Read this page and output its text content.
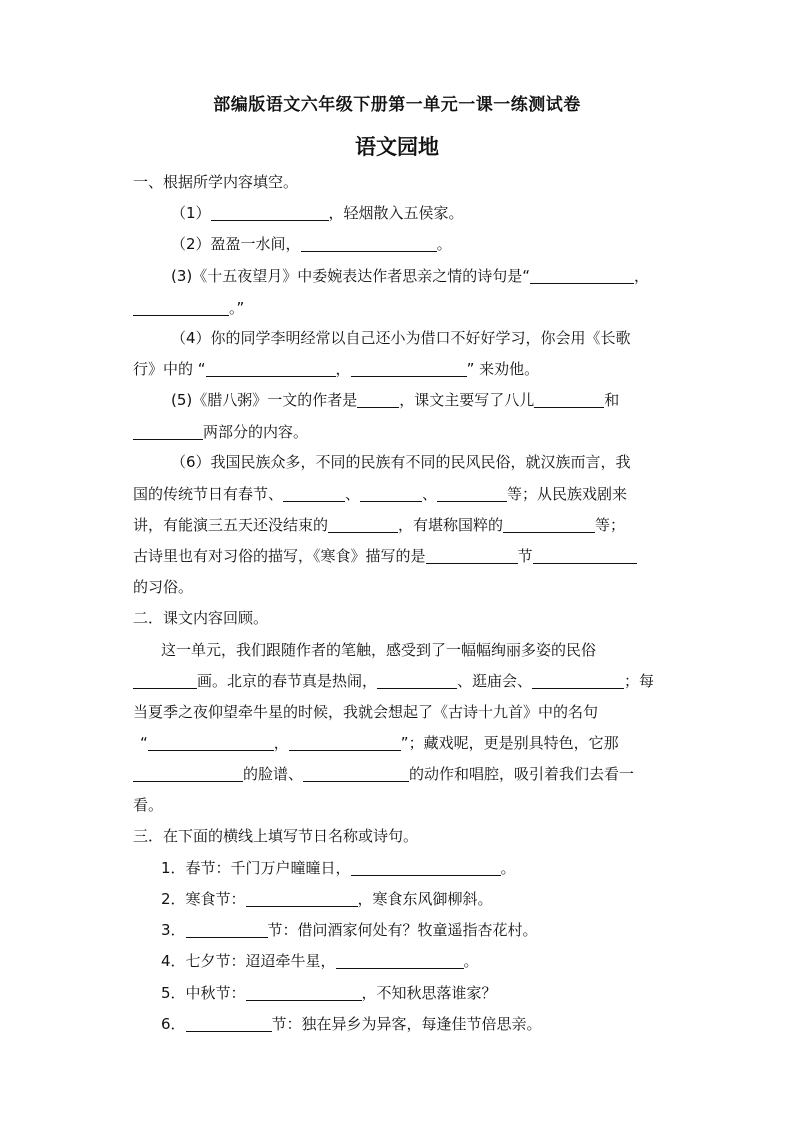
部编版语文六年级下册第一单元一课一练测试卷
语文园地
一、根据所学内容填空。
（1）	，轻烟散入五侯家。
（2）盈盈一水间，	。
(3)《十五夜望月》中委婉表达作者思亲之情的诗句是“	，
。”
（4）你的同学李明经常以自己还小为借口不好好学习，你会用《长歌
行》中的 “	，	” 来劝他。
(5)《腊八粥》一文的作者是	，课文主要写了八儿	和
两部分的内容。
（6）我国民族众多，不同的民族有不同的民风民俗，就汉族而言，我
国的传统节日有春节、	、	、	等；从民族戏剧来
讲，有能演三五天还没结束的	，有堪称国粹的	等；
古诗里也有对习俗的描写，《寒食》描写的是	节
的习俗。
二．课文内容回顾。
这一单元，我们跟随作者的笔触，感受到了一幅幅绚丽多姿的民俗
画。北京的春节真是热闹，	、逛庙会、	；每
当夏季之夜仰望牵牛星的时候，我就会想起了《古诗十九首》中的名句
“	，	”；藏戏呢，更是别具特色，它那
的脸谱、	的动作和唱腔，吸引着我们去看一
看。
三．在下面的横线上填写节日名称或诗句。
1．春节：千门万户曈曈日，	。
2．寒食节：	，寒食东风御柳斜。
3．	节：借问酒家何处有？牧童遥指杏花村。
4．七夕节：迢迢牵牛星，	。
5．中秋节：	，不知秋思落谁家？
6．	节：独在异乡为异客，每逢佳节倍思亲。
